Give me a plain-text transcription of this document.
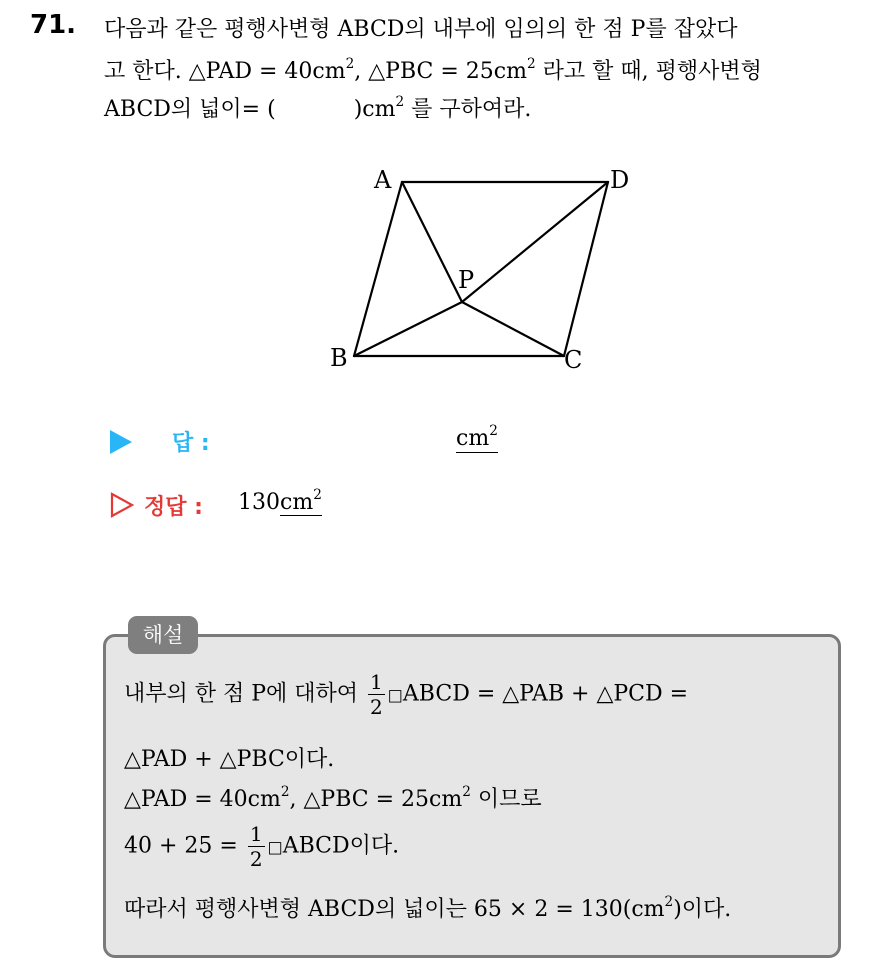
71. 다음과 같은 평행사변형 ABCD의 내부에 임의의 한 점 P를 잡았다
고 한다. △PAD = $40cm^2$, △PBC = $25cm^2$ 라고 할 때, 평행사변형
ABCD의 넓이= (	)$cm^2$ 를 구하여라.
A	D
P
B	C
답 :	$cm^2$
정답 : $130cm^2$
해설
내부의 한 점 P에 대하여 $\frac{1}{2}$ □ABCD = △PAB + △PCD =
△PAD + △PBC이다.
△PAD = $40cm^2$, △PBC = $25cm^2$ 이므로
$40 + 25 = \frac{1}{2}$ □ABCD이다.
따라서 평행사변형 ABCD의 넓이는 $65 \times 2 = 130(cm^2)$이다.
